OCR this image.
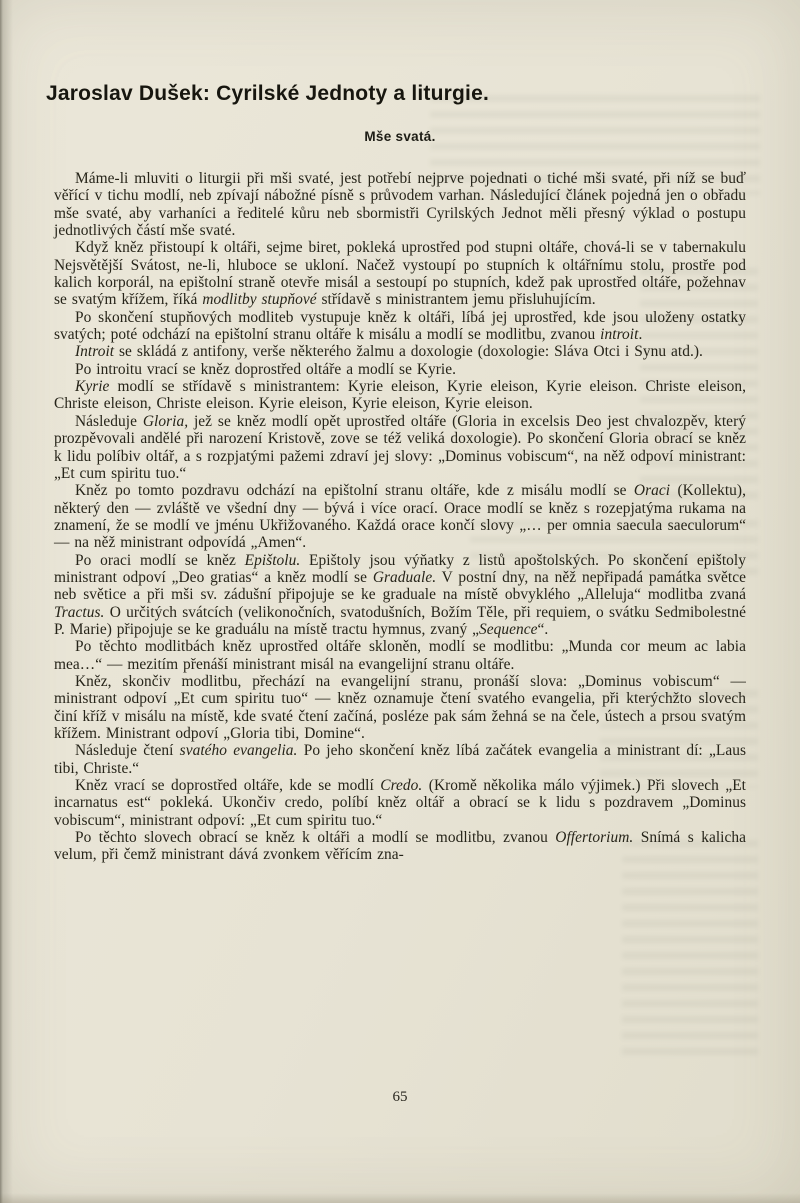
Jaroslav Dušek: Cyrilské Jednoty a liturgie.
Mše svatá.

Máme-li mluviti o liturgii při mši svaté, jest potřebí nejprve pojednati o tiché mši svaté, při níž se buď věřící v tichu modlí, neb zpívají nábožné písně s průvodem varhan. Následující článek pojedná jen o obřadu mše svaté, aby varhaníci a ředitelé kůru neb sbormistři Cyrilských Jednot měli přesný výklad o postupu jednotlivých částí mše svaté.

Když kněz přistoupí k oltáři, sejme biret, pokleká uprostřed pod stupni oltáře, chová-li se v tabernakulu Nejsvětější Svátost, ne-li, hluboce se ukloní. Načež vystoupí po stupních k oltářnímu stolu, prostře pod kalich korporál, na epištolní straně otevře misál a sestoupí po stupních, kdež pak uprostřed oltáře, požehnav se svatým křížem, říká modlitby stupňové střídavě s ministrantem jemu přisluhujícím.

Po skončení stupňových modliteb vystupuje kněz k oltáři, líbá jej uprostřed, kde jsou uloženy ostatky svatých; poté odchází na epištolní stranu oltáře k misálu a modlí se modlitbu, zvanou introit.

Introit se skládá z antifony, verše některého žalmu a doxologie (doxologie: Sláva Otci i Synu atd.).

Po introitu vrací se kněz doprostřed oltáře a modlí se Kyrie.

Kyrie modlí se střídavě s ministrantem: Kyrie eleison, Kyrie eleison, Kyrie eleison. Christe eleison, Christe eleison, Christe eleison. Kyrie eleison, Kyrie eleison, Kyrie eleison.

Následuje Gloria, jež se kněz modlí opět uprostřed oltáře (Gloria in excelsis Deo jest chvalozpěv, který prozpěvovali andělé při narození Kristově, zove se též veliká doxologie). Po skončení Gloria obrací se kněz k lidu políbiv oltář, a s rozpjatými pažemi zdraví jej slovy: „Dominus vobiscum“, na něž odpoví ministrant: „Et cum spiritu tuo.“

Kněz po tomto pozdravu odchází na epištolní stranu oltáře, kde z misálu modlí se Oraci (Kollektu), některý den — zvláště ve všední dny — bývá i více orací. Orace modlí se kněz s rozepjatýma rukama na znamení, že se modlí ve jménu Ukřižovaného. Každá orace končí slovy „… per omnia saecula saeculorum“ — na něž ministrant odpovídá „Amen“.

Po oraci modlí se kněz Epištolu. Epištoly jsou výňatky z listů apoštolských. Po skončení epištoly ministrant odpoví „Deo gratias“ a kněz modlí se Graduale. V postní dny, na něž nepřipadá památka světce neb světice a při mši sv. zádušní připojuje se ke graduale na místě obvyklého „Alleluja“ modlitba zvaná Tractus. O určitých svátcích (velikonočních, svatodušních, Božím Těle, při requiem, o svátku Sedmibolestné P. Marie) připojuje se ke graduálu na místě tractu hymnus, zvaný „Sequence“.

Po těchto modlitbách kněz uprostřed oltáře skloněn, modlí se modlitbu: „Munda cor meum ac labia mea…“ — mezitím přenáší ministrant misál na evangelijní stranu oltáře.

Kněz, skončiv modlitbu, přechází na evangelijní stranu, pronáší slova: „Dominus vobiscum“ — ministrant odpoví „Et cum spiritu tuo“ — kněz oznamuje čtení svatého evangelia, při kterýchžto slovech činí kříž v misálu na místě, kde svaté čtení začíná, posléze pak sám žehná se na čele, ústech a prsou svatým křížem. Ministrant odpoví „Gloria tibi, Domine“.

Následuje čtení svatého evangelia. Po jeho skončení kněz líbá začátek evangelia a ministrant dí: „Laus tibi, Christe.“

Kněz vrací se doprostřed oltáře, kde se modlí Credo. (Kromě několika málo výjimek.) Při slovech „Et incarnatus est“ pokleká. Ukončiv credo, políbí kněz oltář a obrací se k lidu s pozdravem „Dominus vobiscum“, ministrant odpoví: „Et cum spiritu tuo.“

Po těchto slovech obrací se kněz k oltáři a modlí se modlitbu, zvanou Offertorium. Snímá s kalicha velum, při čemž ministrant dává zvonkem věřícím zna-

65
